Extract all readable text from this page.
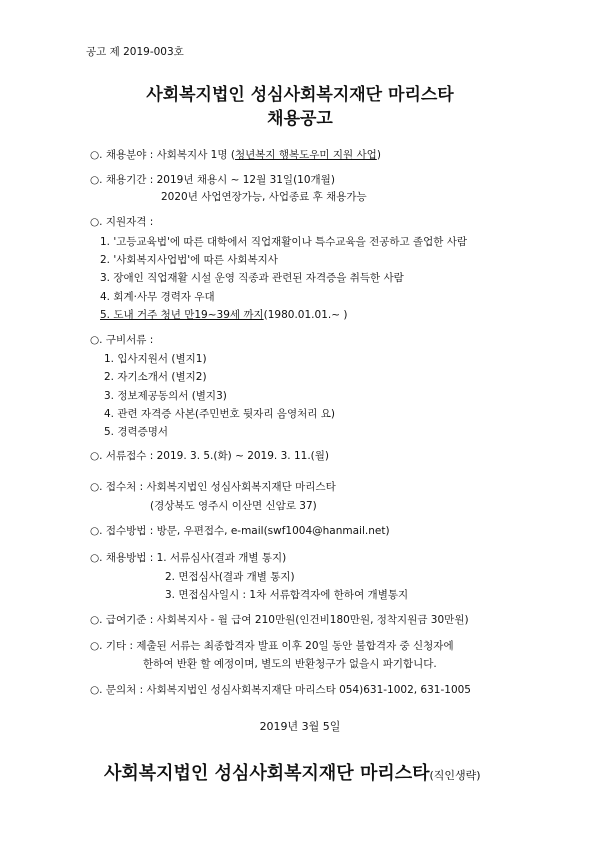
공고 제 2019-003호
사회복지법인 성심사회복지재단 마리스타
채용공고
○. 채용분야 : 사회복지사 1명 (청년복지 행복도우미 지원 사업)
○. 채용기간 : 2019년 채용시 ~ 12월 31일(10개월)
2020년 사업연장가능, 사업종료 후 채용가능
○. 지원자격 :
1. '고등교육법'에 따른 대학에서 직업재활이나 특수교육을 전공하고 졸업한 사람
2. '사회복지사업법'에 따른 사회복지사
3. 장애인 직업재활 시설 운영 직종과 관련된 자격증을 취득한 사람
4. 회계·사무 경력자 우대
5. 도내 거주 청년 만19~39세 까지(1980.01.01.~ )
○. 구비서류 :
1. 입사지원서 (별지1)
2. 자기소개서 (별지2)
3. 정보제공동의서 (별지3)
4. 관련 자격증 사본(주민번호 뒷자리 음영처리 요)
5. 경력증명서
○. 서류접수 : 2019. 3. 5.(화) ~ 2019. 3. 11.(월)
○. 접수처 : 사회복지법인 성심사회복지재단 마리스타
(경상북도 영주시 이산면 신암로 37)
○. 접수방법 : 방문, 우편접수, e-mail(swf1004@hanmail.net)
○. 채용방법 : 1. 서류심사(결과 개별 통지)
2. 면접심사(결과 개별 통지)
3. 면접심사일시 : 1차 서류합격자에 한하여 개별통지
○. 급여기준 : 사회복지사 - 월 급여 210만원(인건비180만원, 정착지원금 30만원)
○. 기타 : 제출된 서류는 최종합격자 발표 이후 20일 동안 불합격자 중 신청자에
한하여 반환 할 예정이며, 별도의 반환청구가 없을시 파기합니다.
○. 문의처 : 사회복지법인 성심사회복지재단 마리스타 054)631-1002, 631-1005
2019년 3월 5일
사회복지법인 성심사회복지재단 마리스타(직인생략)
